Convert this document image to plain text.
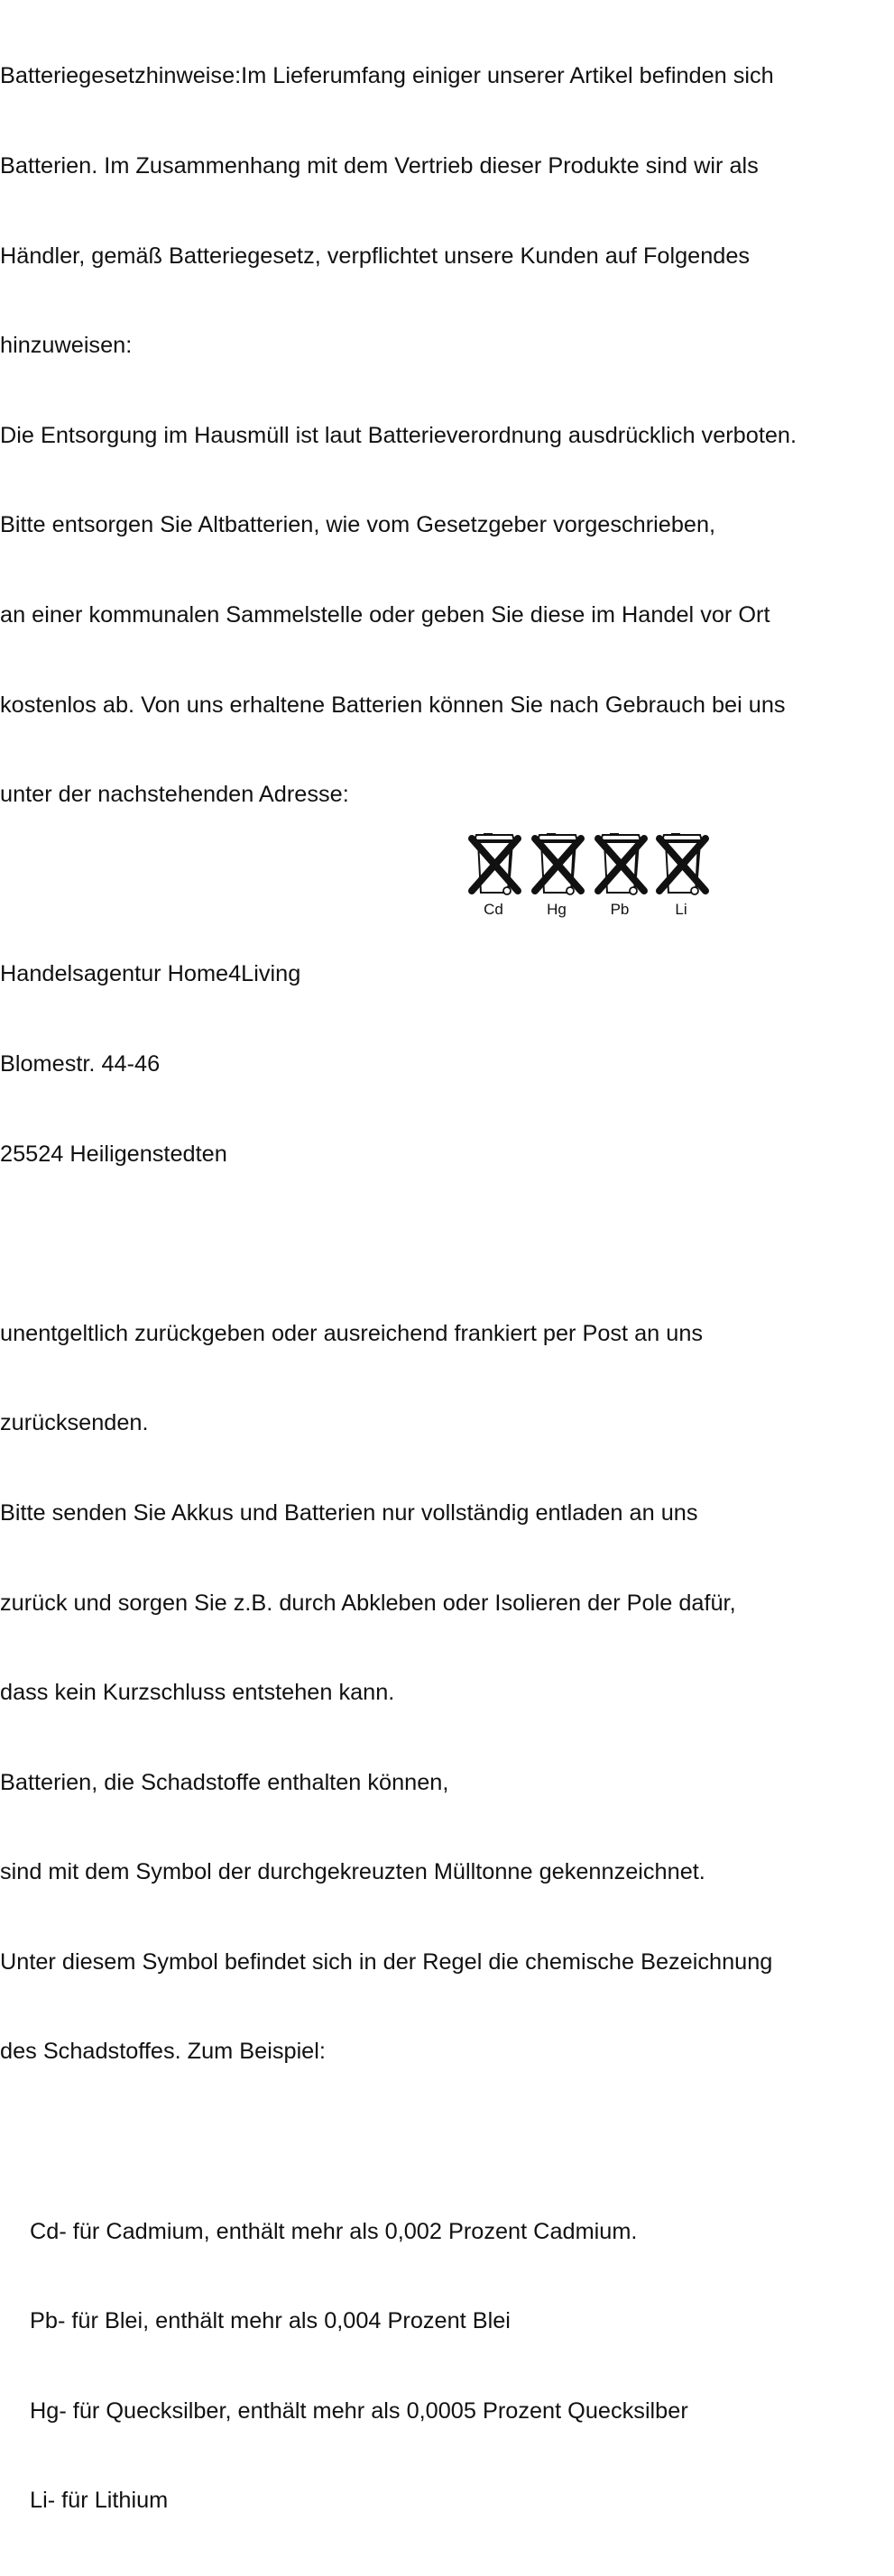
Batteriegesetzhinweise:Im Lieferumfang einiger unserer Artikel befinden sich

Batterien. Im Zusammenhang mit dem Vertrieb dieser Produkte sind wir als

Händler, gemäß Batteriegesetz, verpflichtet unsere Kunden auf Folgendes

hinzuweisen:

Die Entsorgung im Hausmüll ist laut Batterieverordnung ausdrücklich verboten.

Bitte entsorgen Sie Altbatterien, wie vom Gesetzgeber vorgeschrieben,

an einer kommunalen Sammelstelle oder geben Sie diese im Handel vor Ort

kostenlos ab. Von uns erhaltene Batterien können Sie nach Gebrauch bei uns

unter der nachstehenden Adresse:

Handelsagentur Home4Living

Blomestr. 44-46

25524 Heiligenstedten

unentgeltlich zurückgeben oder ausreichend frankiert per Post an uns

zurücksenden.

Bitte senden Sie Akkus und Batterien nur vollständig entladen an uns

zurück und sorgen Sie z.B. durch Abkleben oder Isolieren der Pole dafür,

dass kein Kurzschluss entstehen kann.

Batterien, die Schadstoffe enthalten können,

sind mit dem Symbol der durchgekreuzten Mülltonne gekennzeichnet.

Unter diesem Symbol befindet sich in der Regel die chemische Bezeichnung

des Schadstoffes. Zum Beispiel:

Cd- für Cadmium, enthält mehr als 0,002 Prozent Cadmium.

Pb- für Blei, enthält mehr als 0,004 Prozent Blei

Hg- für Quecksilber, enthält mehr als 0,0005 Prozent Quecksilber

Li- für Lithium

Cd	Hg	Pb	Li
